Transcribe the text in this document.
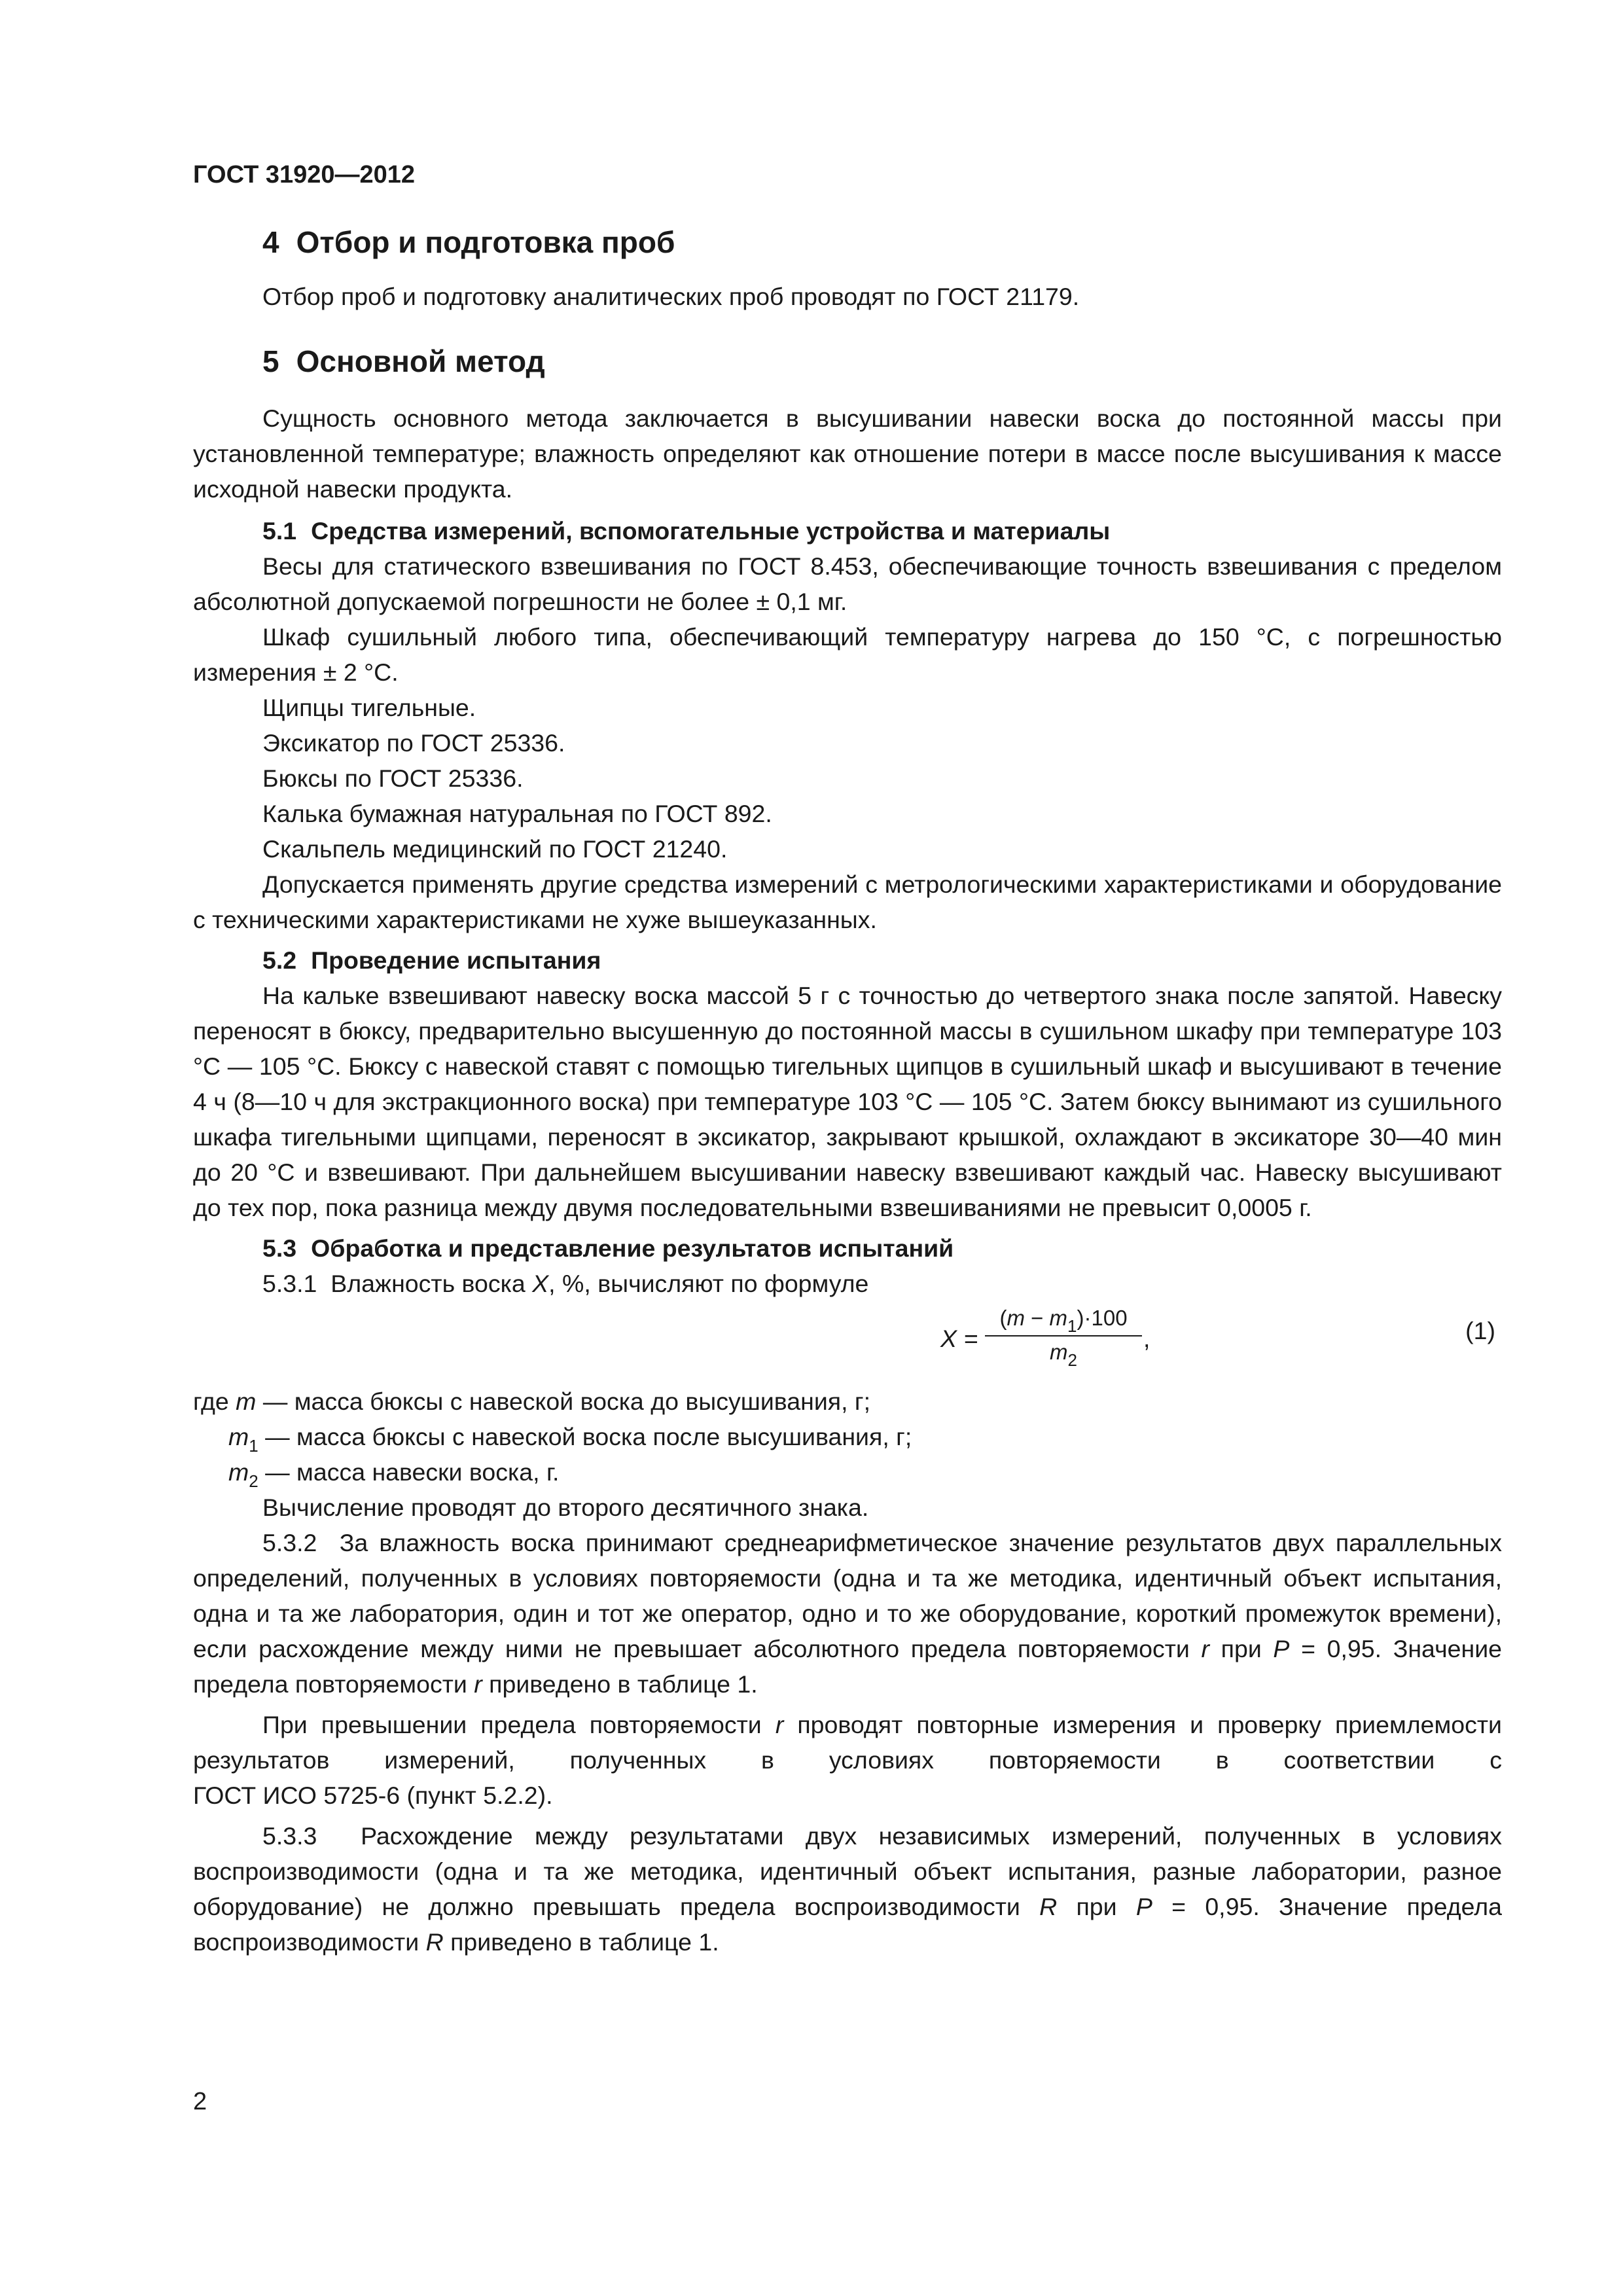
ГОСТ 31920—2012
4 Отбор и подготовка проб

Отбор проб и подготовку аналитических проб проводят по ГОСТ 21179.

5 Основной метод

Сущность основного метода заключается в высушивании навески воска до постоянной массы при установленной температуре; влажность определяют как отношение потери в массе после высушивания к массе исходной навески продукта.

5.1 Средства измерений, вспомогательные устройства и материалы

Весы для статического взвешивания по ГОСТ 8.453, обеспечивающие точность взвешивания с пределом абсолютной допускаемой погрешности не более ± 0,1 мг.

Шкаф сушильный любого типа, обеспечивающий температуру нагрева до 150 °С, с погрешностью измерения ± 2 °С.

Щипцы тигельные.

Эксикатор по ГОСТ 25336.

Бюксы по ГОСТ 25336.

Калька бумажная натуральная по ГОСТ 892.

Скальпель медицинский по ГОСТ 21240.

Допускается применять другие средства измерений с метрологическими характеристиками и оборудование с техническими характеристиками не хуже вышеуказанных.

5.2 Проведение испытания

На кальке взвешивают навеску воска массой 5 г с точностью до четвертого знака после запятой. Навеску переносят в бюксу, предварительно высушенную до постоянной массы в сушильном шкафу при температуре 103 °С — 105 °С. Бюксу с навеской ставят с помощью тигельных щипцов в сушильный шкаф и высушивают в течение 4 ч (8—10 ч для экстракционного воска) при температуре 103 °С — 105 °С. Затем бюксу вынимают из сушильного шкафа тигельными щипцами, переносят в эксикатор, закрывают крышкой, охлаждают в эксикаторе 30—40 мин до 20 °С и взвешивают. При дальнейшем высушивании навеску взвешивают каждый час. Навеску высушивают до тех пор, пока разница между двумя последовательными взвешиваниями не превысит 0,0005 г.

5.3 Обработка и представление результатов испытаний

5.3.1 Влажность воска X, %, вычисляют по формуле

$X = \frac{(m - m_1)\cdot 100}{m_2}$ ,	(1)

где m — масса бюксы с навеской воска до высушивания, г;

$m_1$ — масса бюксы с навеской воска после высушивания, г;

$m_2$ — масса навески воска, г.

Вычисление проводят до второго десятичного знака.

5.3.2 За влажность воска принимают среднеарифметическое значение результатов двух параллельных определений, полученных в условиях повторяемости (одна и та же методика, идентичный объект испытания, одна и та же лаборатория, один и тот же оператор, одно и то же оборудование, короткий промежуток времени), если расхождение между ними не превышает абсолютного предела повторяемости r при P = 0,95. Значение предела повторяемости r приведено в таблице 1.

При превышении предела повторяемости r проводят повторные измерения и проверку приемлемости результатов измерений, полученных в условиях повторяемости в соответствии с

ГОСТ ИСО 5725-6 (пункт 5.2.2).

5.3.3 Расхождение между результатами двух независимых измерений, полученных в условиях воспроизводимости (одна и та же методика, идентичный объект испытания, разные лаборатории, разное оборудование) не должно превышать предела воспроизводимости R при P = 0,95. Значение предела воспроизводимости R приведено в таблице 1.

2
